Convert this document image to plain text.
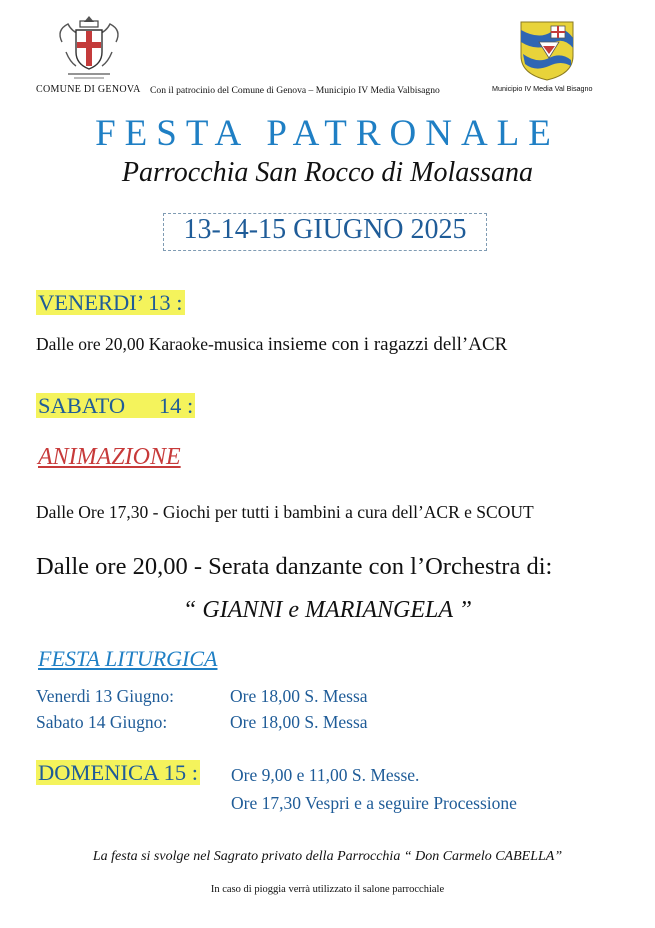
COMUNE DI GENOVA Con il patrocinio del Comune di Genova – Municipio IV Media Valbisagno	Municipio IV Media Val Bisagno
FESTA PATRONALE
Parrocchia San Rocco di Molassana
13-14-15 GIUGNO 2025
VENERDI’ 13 :
Dalle ore 20,00 Karaoke-musica insieme con i ragazzi dell’ACR
SABATO      14 :
ANIMAZIONE
Dalle Ore 17,30 - Giochi per tutti i bambini a cura dell’ACR e SCOUT
Dalle ore 20,00 - Serata danzante con l’Orchestra di:
“ GIANNI e MARIANGELA ”
FESTA LITURGICA
Venerdi 13 Giugno:	Ore 18,00 S. Messa
Sabato 14 Giugno:	Ore 18,00 S. Messa
DOMENICA 15 : Ore 9,00 e 11,00 S. Messe.
Ore 17,30 Vespri e a seguire Processione
La festa si svolge nel Sagrato privato della Parrocchia “ Don Carmelo CABELLA”
In caso di pioggia verrà utilizzato il salone parrocchiale
